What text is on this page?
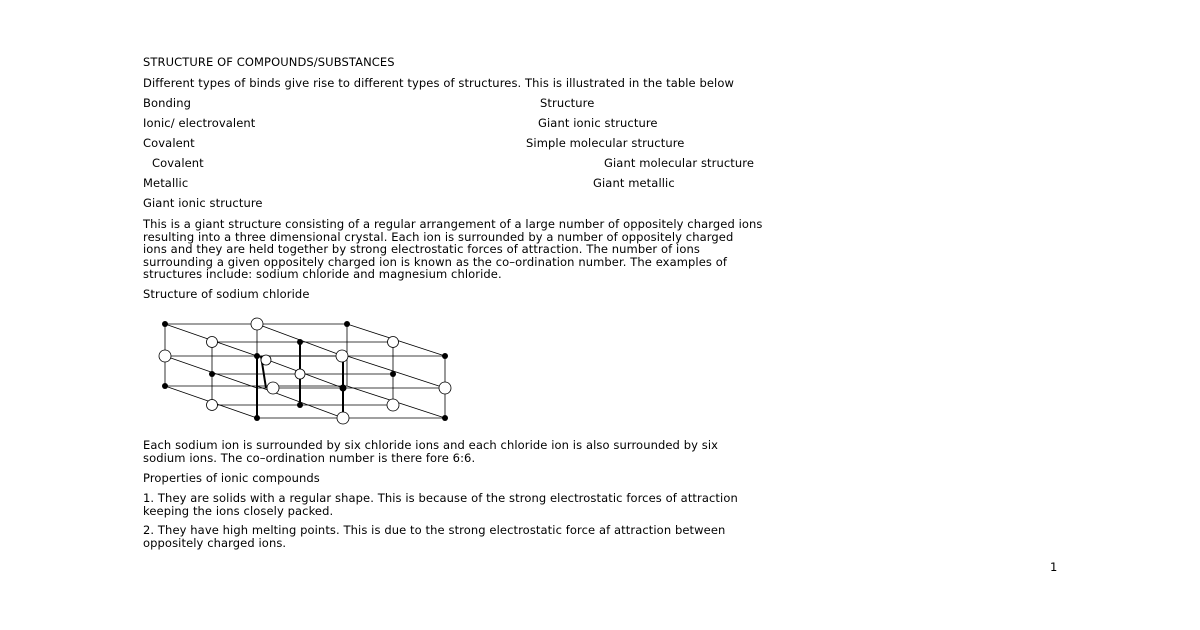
STRUCTURE OF COMPOUNDS/SUBSTANCES
Different types of binds give rise to different types of structures. This is illustrated in the table below
Bonding	Structure
Ionic/ electrovalent	Giant ionic structure
Covalent	Simple molecular structure
Covalent	Giant molecular structure
Metallic	Giant metallic
Giant ionic structure
This is a giant structure consisting of a regular arrangement of a large number of oppositely charged ions
resulting into a three dimensional crystal. Each ion is surrounded by a number of oppositely charged
ions and they are held together by strong electrostatic forces of attraction. The number of ions
surrounding a given oppositely charged ion is known as the co–ordination number. The examples of
structures include: sodium chloride and magnesium chloride.
Structure of sodium chloride
Each sodium ion is surrounded by six chloride ions and each chloride ion is also surrounded by six
sodium ions. The co–ordination number is there fore 6:6.
Properties of ionic compounds
1. They are solids with a regular shape. This is because of the strong electrostatic forces of attraction
keeping the ions closely packed.
2. They have high melting points. This is due to the strong electrostatic force af attraction between
oppositely charged ions.
1
